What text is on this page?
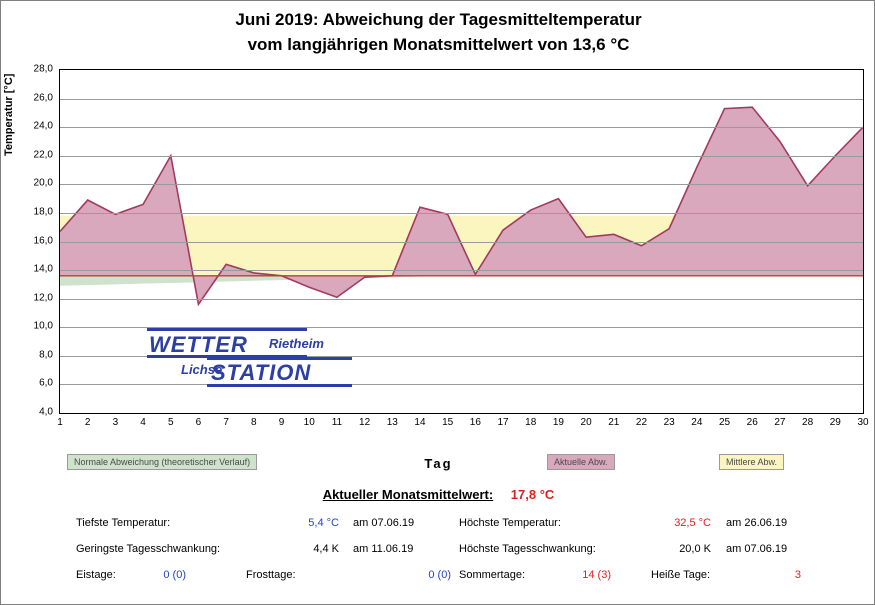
Juni 2019: Abweichung der Tagesmitteltemperatur
vom langjährigen Monatsmittelwert von 13,6 °C
Temperatur [°C]
4,0
6,0
8,0
10,0
12,0
14,0
16,0
18,0
20,0
22,0
24,0
26,0
28,0
1 2 3 4 5 6 7 8 9 10 11 12 13 14 15 16 17 18 19 20 21 22 23 24 25 26 27 28 29 30
Tag
Normale Abweichung (theoretischer Verlauf)	Aktuelle Abw.	Mittlere Abw.
WETTER Rietheim
Lichse
STATION
Aktueller Monatsmittelwert: 17,8 °C
Tiefste Temperatur:	5,4 °C am 07.06.19	Höchste Temperatur:	32,5 °C am 26.06.19
Geringste Tagesschwankung:	4,4 K am 11.06.19	Höchste Tagesschwankung:	20,0 K am 07.06.19
Eistage:	0 (0)	Frosttage:	0 (0) Sommertage:	14 (3)	Heiße Tage:	3
